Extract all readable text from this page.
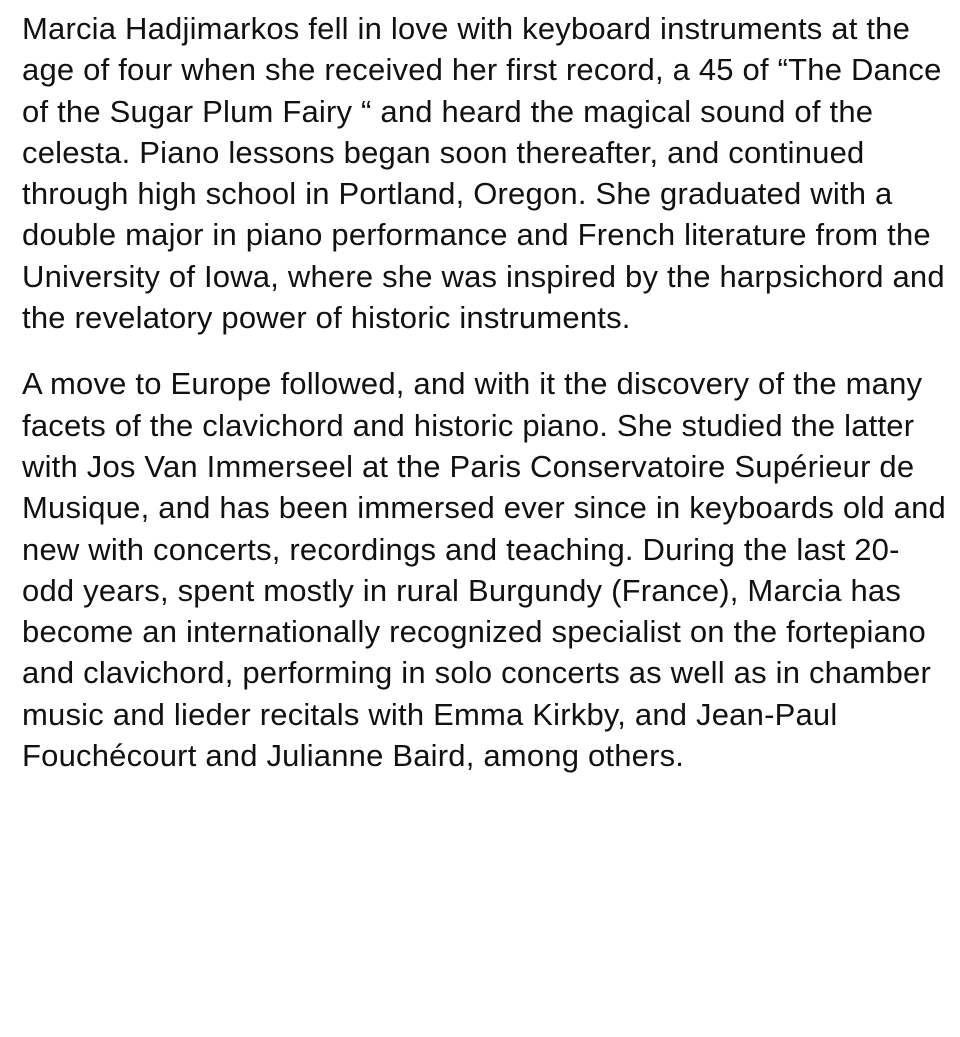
Marcia Hadjimarkos fell in love with keyboard instruments at the age of four when she received her first record, a 45 of “The Dance of the Sugar Plum Fairy “ and heard the magical sound of the celesta. Piano lessons began soon thereafter, and continued through high school in Portland, Oregon. She graduated with a double major in piano performance and French literature from the University of Iowa, where she was inspired by the harpsichord and the revelatory power of historic instruments.

A move to Europe followed, and with it the discovery of the many facets of the clavichord and historic piano. She studied the latter with Jos Van Immerseel at the Paris Conservatoire Supérieur de Musique, and has been immersed ever since in keyboards old and new with concerts, recordings and teaching. During the last 20-odd years, spent mostly in rural Burgundy (France), Marcia has become an internationally recognized specialist on the fortepiano and clavichord, performing in solo concerts as well as in chamber music and lieder recitals with Emma Kirkby, and Jean-Paul Fouchécourt and Julianne Baird, among others.
